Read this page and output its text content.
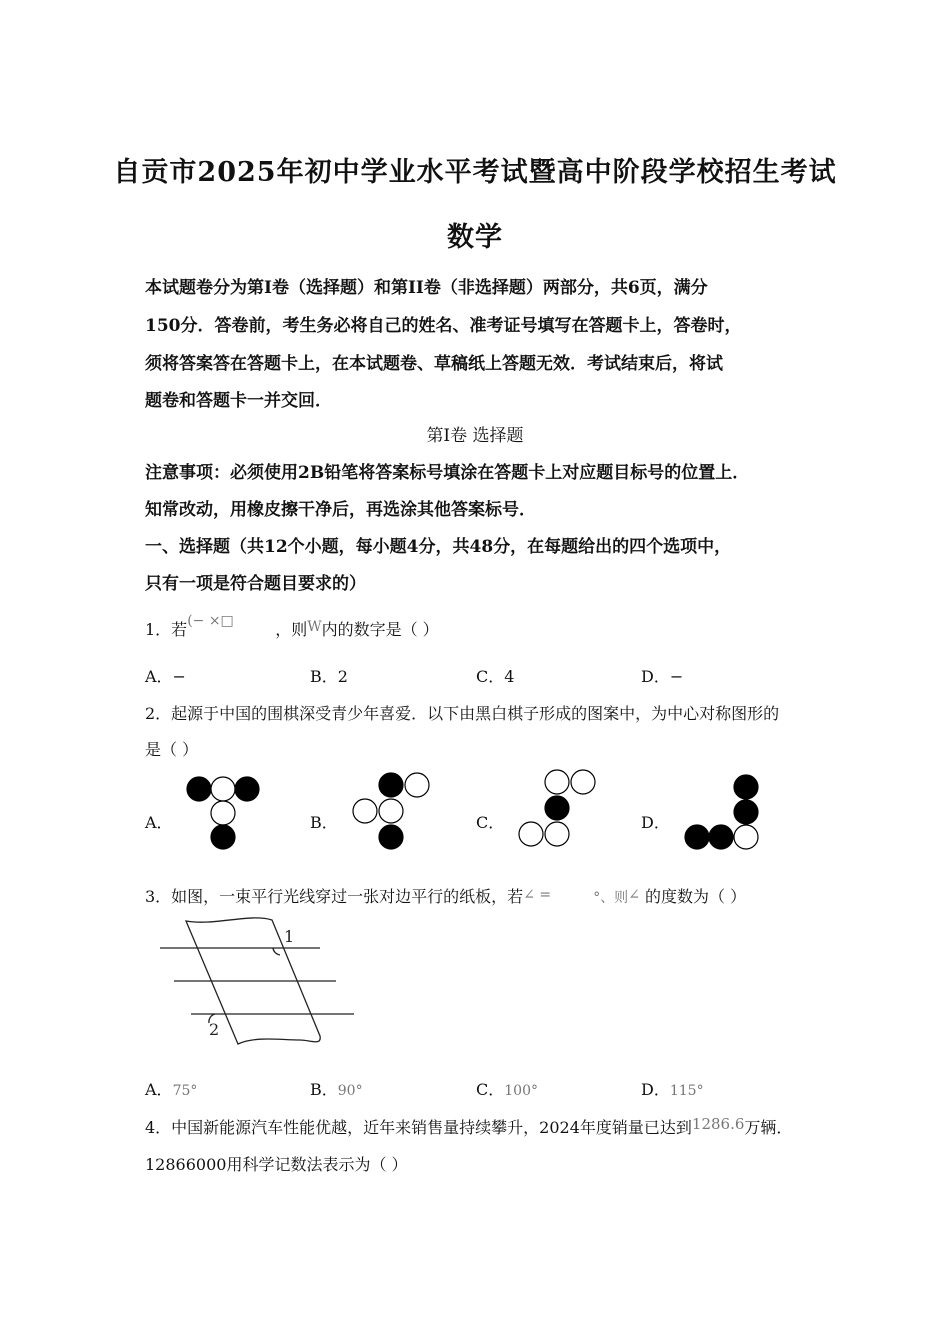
自贡市2025年初中学业水平考试暨高中阶段学校招生考试
数学
本试题卷分为第I卷（选择题）和第II卷（非选择题）两部分，共6页，满分
150分．答卷前，考生务必将自己的姓名、准考证号填写在答题卡上，答卷时，
须将答案答在答题卡上，在本试题卷、草稿纸上答题无效．考试结束后，将试
题卷和答题卡一并交回．
第I卷 选择题
注意事项：必须使用2B铅笔将答案标号填涂在答题卡上对应题目标号的位置上．
知常改动，用橡皮擦干净后，再选涂其他答案标号．
一、选择题（共12个小题，每小题4分，共48分，在每题给出的四个选项中，
只有一项是符合题目要求的）
1．若(− ×□	，则W内的数字是（ ）
A．−	B．2	C．4	D．−
2．起源于中国的围棋深受青少年喜爱．以下由黑白棋子形成的图案中，为中心对称图形的
是（ ）
A．	B．	C．	D．
3．如图，一束平行光线穿过一张对边平行的纸板，若∠ =	°、则∠ 的度数为（ ）
1
2
A．75°	B．90°	C．100°	D．115°
4．中国新能源汽车性能优越，近年来销售量持续攀升，2024年度销量已达到1286.6万辆．
12866000用科学记数法表示为（ ）
